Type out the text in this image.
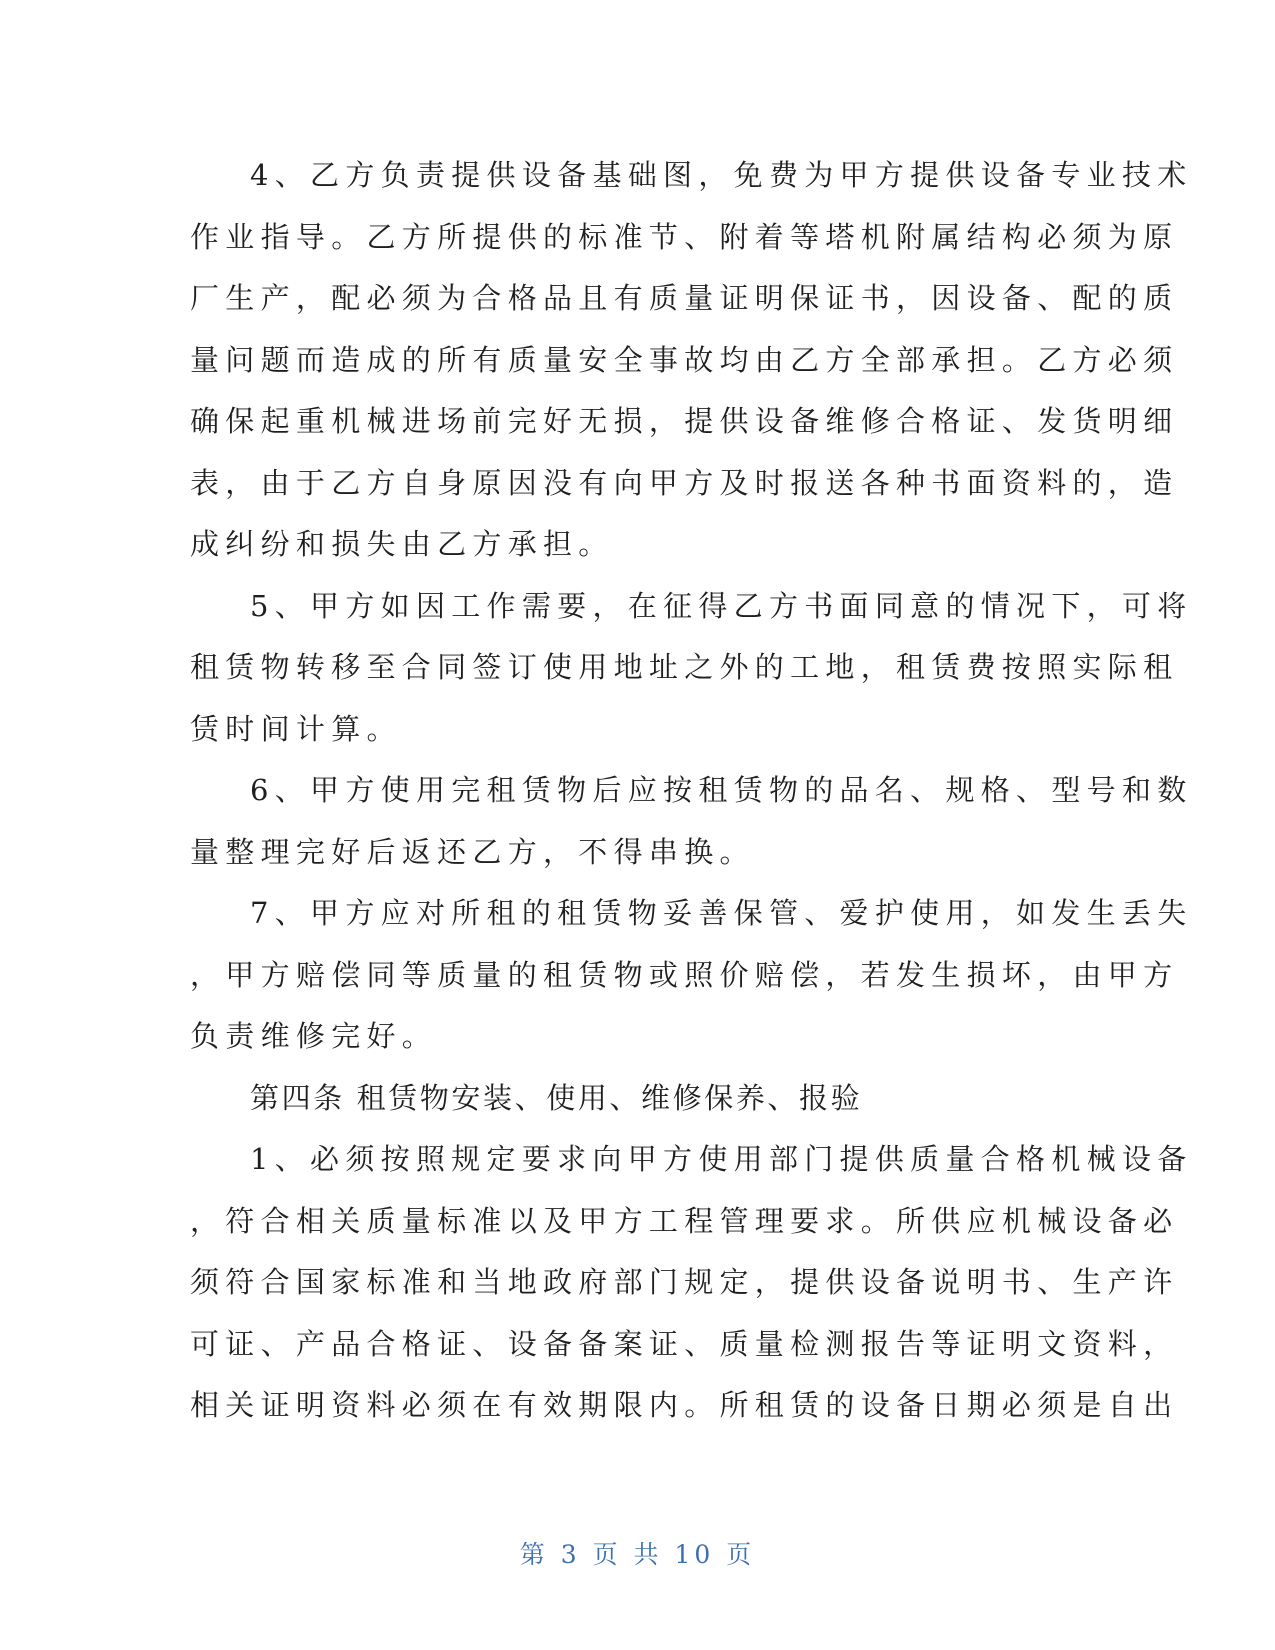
4、乙方负责提供设备基础图，免费为甲方提供设备专业技术
作业指导。乙方所提供的标准节、附着等塔机附属结构必须为原
厂生产，配必须为合格品且有质量证明保证书，因设备、配的质
量问题而造成的所有质量安全事故均由乙方全部承担。乙方必须
确保起重机械进场前完好无损，提供设备维修合格证、发货明细
表，由于乙方自身原因没有向甲方及时报送各种书面资料的，造
成纠纷和损失由乙方承担。
5、甲方如因工作需要，在征得乙方书面同意的情况下，可将
租赁物转移至合同签订使用地址之外的工地，租赁费按照实际租
赁时间计算。
6、甲方使用完租赁物后应按租赁物的品名、规格、型号和数
量整理完好后返还乙方，不得串换。
7、甲方应对所租的租赁物妥善保管、爱护使用，如发生丢失
，甲方赔偿同等质量的租赁物或照价赔偿，若发生损坏，由甲方
负责维修完好。
第四条 租赁物安装、使用、维修保养、报验
1、必须按照规定要求向甲方使用部门提供质量合格机械设备
，符合相关质量标准以及甲方工程管理要求。所供应机械设备必
须符合国家标准和当地政府部门规定，提供设备说明书、生产许
可证、产品合格证、设备备案证、质量检测报告等证明文资料，
相关证明资料必须在有效期限内。所租赁的设备日期必须是自出
第 3 页 共 10 页
